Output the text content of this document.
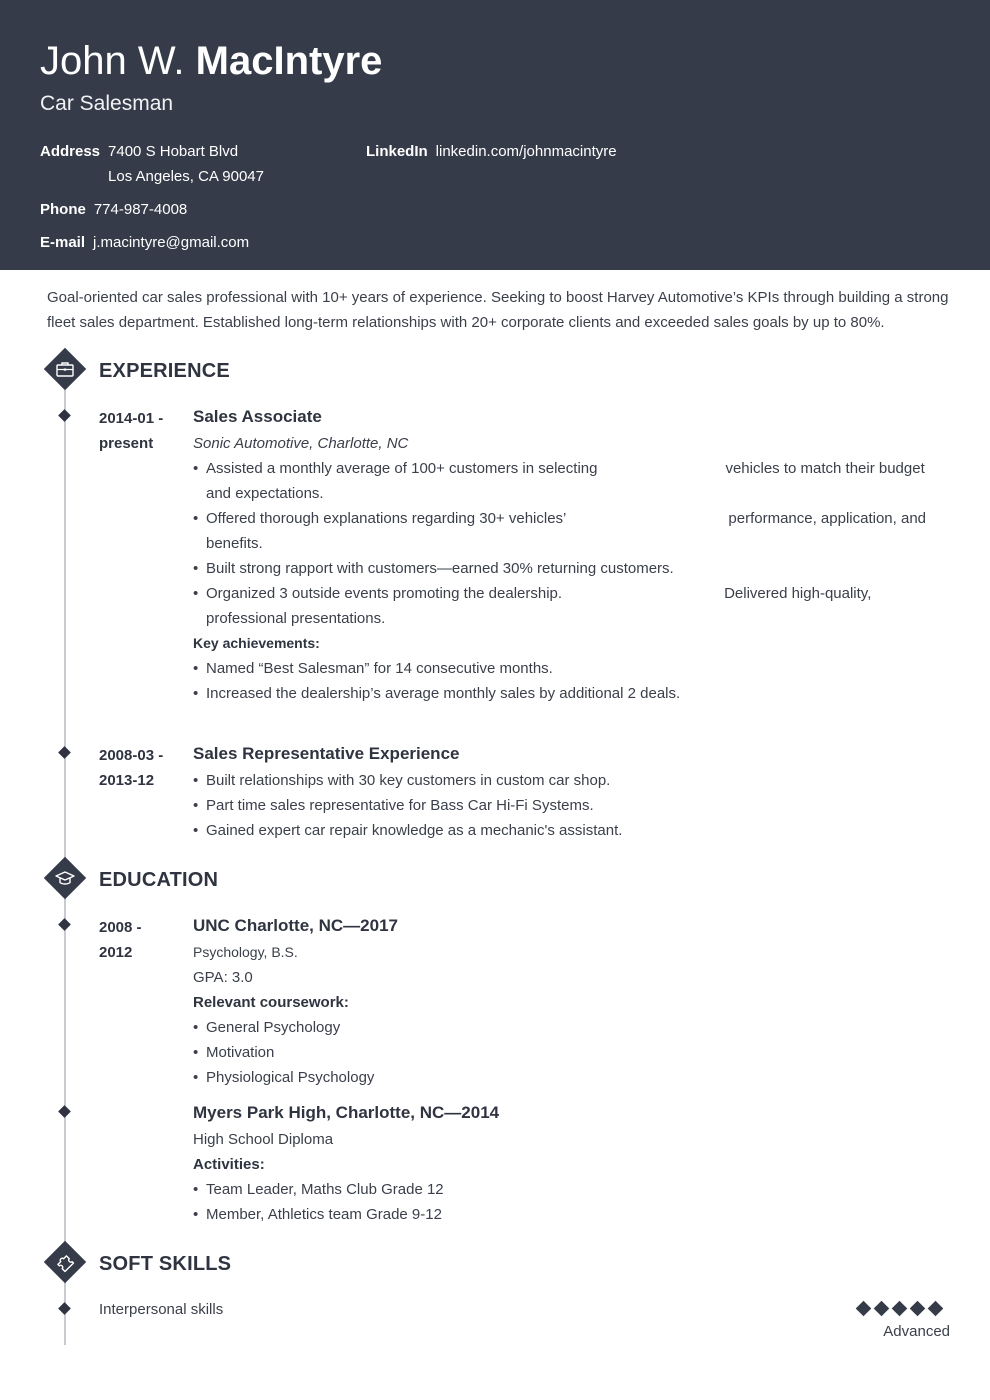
John W. MacIntyre
Car Salesman
Address 7400 S Hobart Blvd
Los Angeles, CA 90047
LinkedIn linkedin.com/johnmacintyre
Phone 774-987-4008
E-mail j.macintyre@gmail.com
Goal-oriented car sales professional with 10+ years of experience. Seeking to boost Harvey Automotive’s KPIs through building a strong fleet sales department. Established long-term relationships with 20+ corporate clients and exceeded sales goals by up to 80%.
EXPERIENCE
2014-01 -
present
Sales Associate
Sonic Automotive, Charlotte, NC
• Assisted a monthly average of 100+ customers in selecting	vehicles to match their budget and expectations.
• Offered thorough explanations regarding 30+ vehicles’	performance, application, and benefits.
• Built strong rapport with customers—earned 30% returning customers.
• Organized 3 outside events promoting the dealership.	Delivered high-quality, professional presentations.
Key achievements:
• Named “Best Salesman” for 14 consecutive months.
• Increased the dealership’s average monthly sales by additional 2 deals.
2008-03 -
2013-12
Sales Representative Experience
• Built relationships with 30 key customers in custom car shop.
• Part time sales representative for Bass Car Hi-Fi Systems.
• Gained expert car repair knowledge as a mechanic's assistant.
EDUCATION
2008 -
2012
UNC Charlotte, NC—2017
Psychology, B.S.
GPA: 3.0
Relevant coursework:
• General Psychology
• Motivation
• Physiological Psychology
Myers Park High, Charlotte, NC—2014
High School Diploma
Activities:
• Team Leader, Maths Club Grade 12
• Member, Athletics team Grade 9-12
SOFT SKILLS
Interpersonal skills
Advanced
